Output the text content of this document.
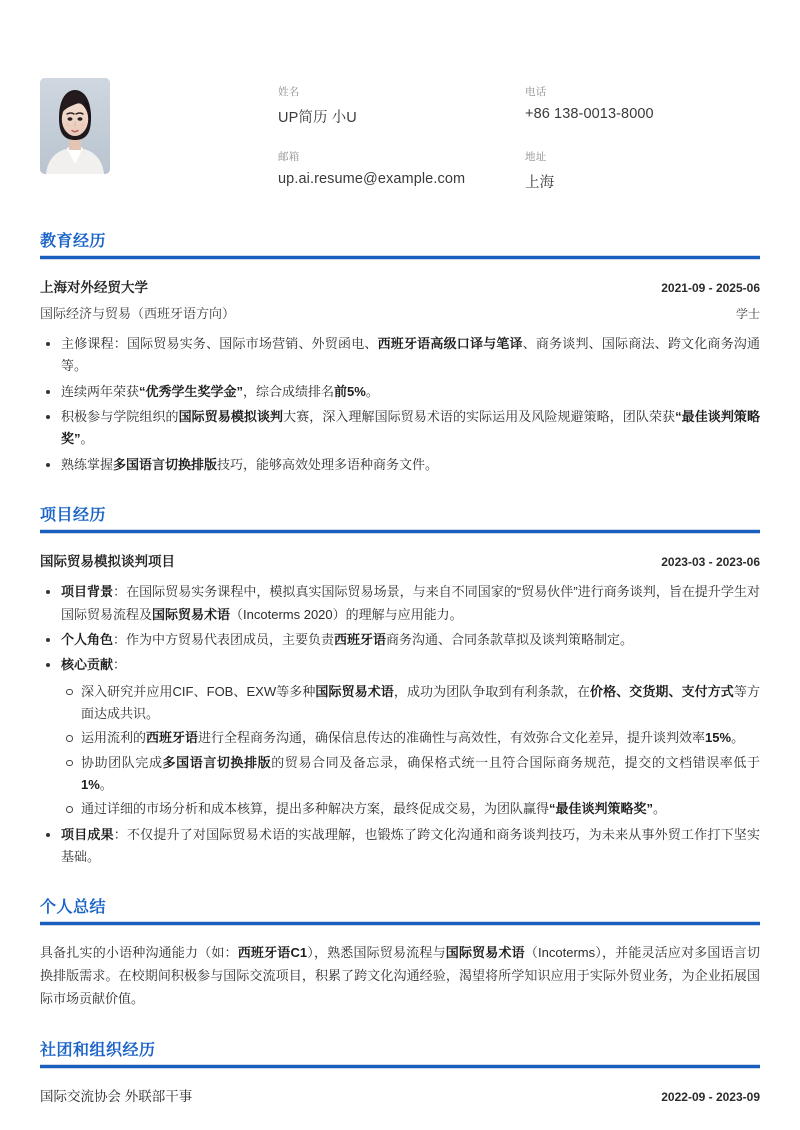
姓名
UP简历 小U
电话
+86 138-0013-8000
邮箱
up.ai.resume@example.com
地址
上海
教育经历
上海对外经贸大学	2021-09 - 2025-06
国际经济与贸易（西班牙语方向）	学士
主修课程：国际贸易实务、国际市场营销、外贸函电、西班牙语高级口译与笔译、商务谈判、国际商法、跨文化商务沟通等。
连续两年荣获“优秀学生奖学金”，综合成绩排名前5%。
积极参与学院组织的国际贸易模拟谈判大赛，深入理解国际贸易术语的实际运用及风险规避策略，团队荣获“最佳谈判策略奖”。
熟练掌握多国语言切换排版技巧，能够高效处理多语种商务文件。
项目经历
国际贸易模拟谈判项目	2023-03 - 2023-06
项目背景：在国际贸易实务课程中，模拟真实国际贸易场景，与来自不同国家的“贸易伙伴”进行商务谈判，旨在提升学生对国际贸易流程及国际贸易术语（Incoterms 2020）的理解与应用能力。
个人角色：作为中方贸易代表团成员，主要负责西班牙语商务沟通、合同条款草拟及谈判策略制定。
核心贡献：
深入研究并应用CIF、FOB、EXW等多种国际贸易术语，成功为团队争取到有利条款，在价格、交货期、支付方式等方面达成共识。
运用流利的西班牙语进行全程商务沟通，确保信息传达的准确性与高效性，有效弥合文化差异，提升谈判效率15%。
协助团队完成多国语言切换排版的贸易合同及备忘录，确保格式统一且符合国际商务规范，提交的文档错误率低于1%。
通过详细的市场分析和成本核算，提出多种解决方案，最终促成交易，为团队赢得“最佳谈判策略奖”。
项目成果：不仅提升了对国际贸易术语的实战理解，也锻炼了跨文化沟通和商务谈判技巧，为未来从事外贸工作打下坚实基础。
个人总结
具备扎实的小语种沟通能力（如：西班牙语C1），熟悉国际贸易流程与国际贸易术语（Incoterms），并能灵活应对多国语言切换排版需求。在校期间积极参与国际交流项目，积累了跨文化沟通经验，渴望将所学知识应用于实际外贸业务，为企业拓展国际市场贡献价值。
社团和组织经历
国际交流协会 外联部干事	2022-09 - 2023-09
